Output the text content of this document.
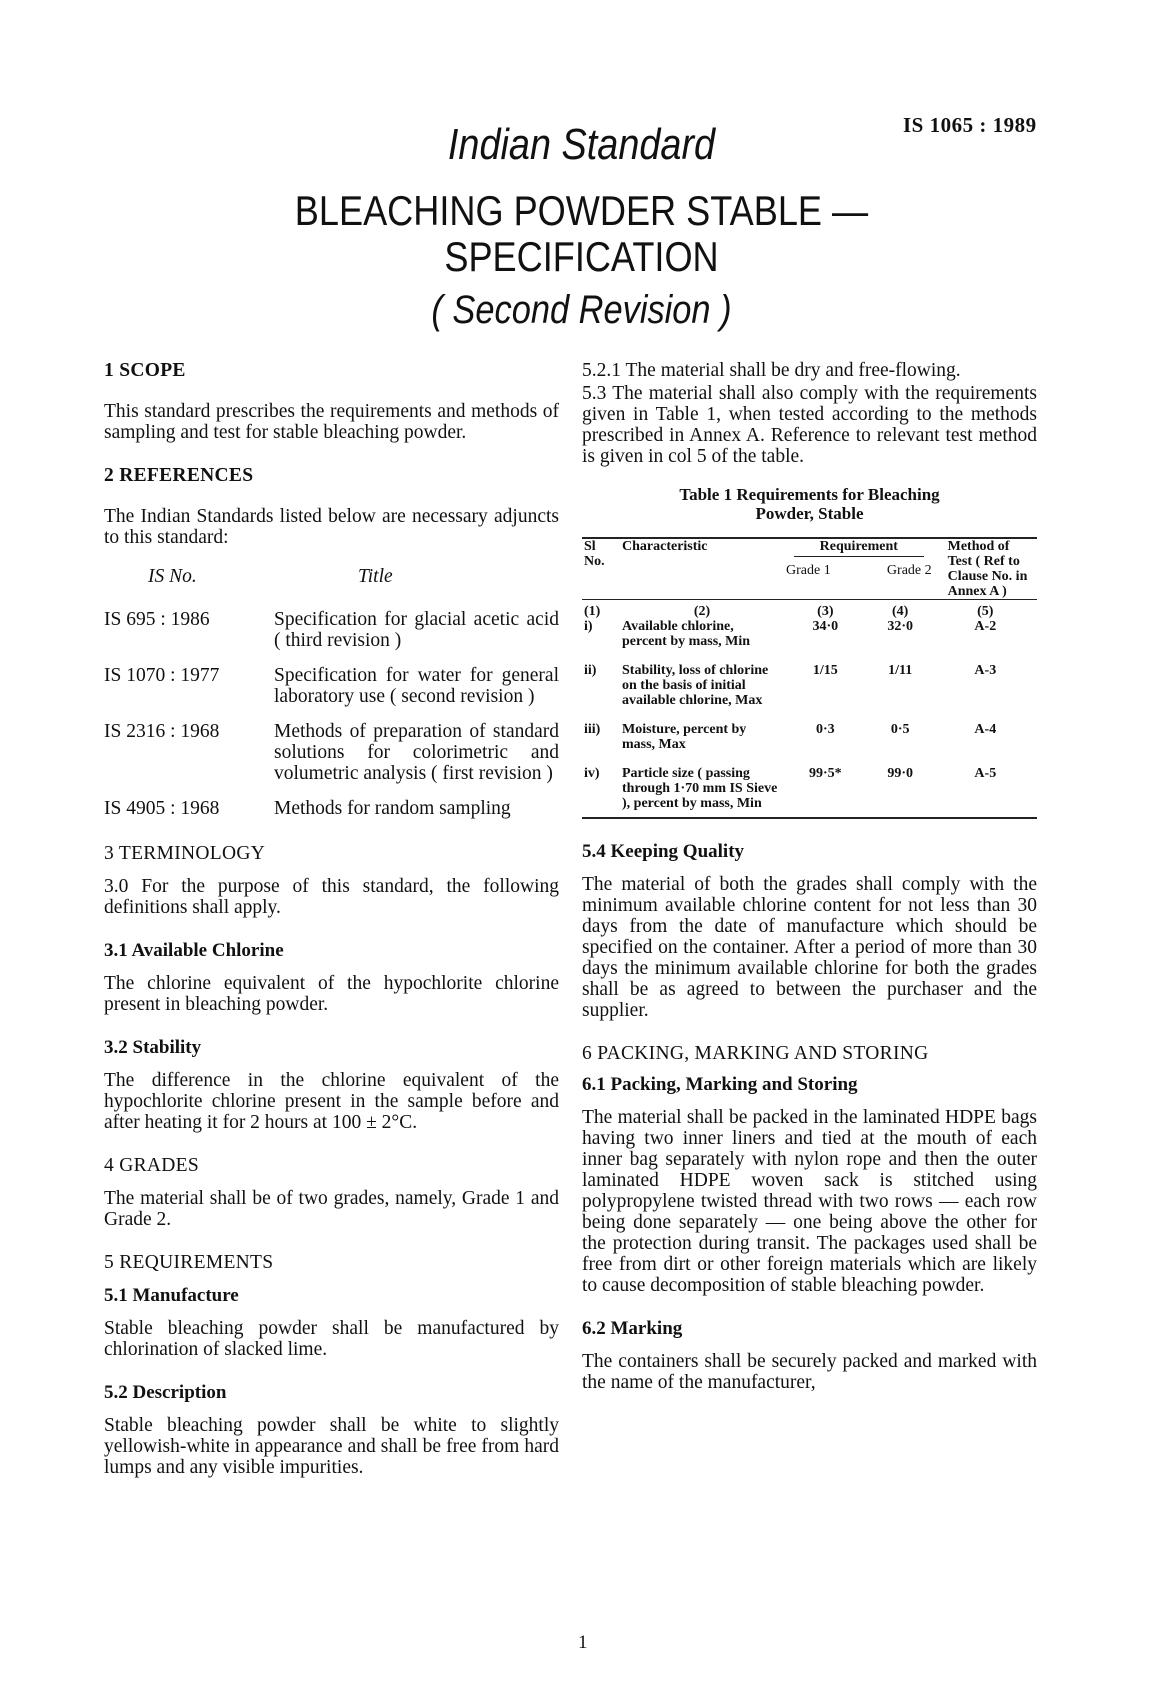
IS 1065 : 1989
Indian Standard
BLEACHING POWDER STABLE —
SPECIFICATION
( Second Revision )
1 SCOPE

This standard prescribes the requirements and methods of sampling and test for stable bleaching powder.

2 REFERENCES

The Indian Standards listed below are necessary adjuncts to this standard:

IS No.	Title
IS 695 : 1986	Specification for glacial acetic acid ( third revision )
IS 1070 : 1977	Specification for water for general laboratory use ( second revision )
IS 2316 : 1968	Methods of preparation of standard solutions for colorimetric and volumetric analysis ( first revision )
IS 4905 : 1968	Methods for random sampling
3 TERMINOLOGY

3.0 For the purpose of this standard, the following definitions shall apply.

3.1 Available Chlorine

The chlorine equivalent of the hypochlorite chlorine present in bleaching powder.

3.2 Stability

The difference in the chlorine equivalent of the hypochlorite chlorine present in the sample before and after heating it for 2 hours at 100 ± 2°C.

4 GRADES

The material shall be of two grades, namely, Grade 1 and Grade 2.

5 REQUIREMENTS
5.1 Manufacture

Stable bleaching powder shall be manufactured by chlorination of slacked lime.

5.2 Description

Stable bleaching powder shall be white to slightly yellowish-white in appearance and shall be free from hard lumps and any visible impurities.

5.2.1 The material shall be dry and free-flowing.

5.3 The material shall also comply with the requirements given in Table 1, when tested according to the methods prescribed in Annex A. Reference to relevant test method is given in col 5 of the table.

Table 1 Requirements for Bleaching
Powder, Stable

Sl No.	Characteristic	Requirement
Grade 1 Grade 2		Method of Test ( Ref to Clause No. in Annex A )

(1)	(2)	(3)	(4)	(5)
i)	Available chlorine, percent by mass, Min	34·0	32·0	A-2
ii)	Stability, loss of chlorine on the basis of initial available chlorine, Max	1/15	1/11	A-3
iii)	Moisture, percent by mass, Max	0·3	0·5	A-4
iv)	Particle size ( passing through 1·70 mm IS Sieve ), percent by mass, Min	99·5*	99·0	A-5

5.4 Keeping Quality

The material of both the grades shall comply with the minimum available chlorine content for not less than 30 days from the date of manufacture which should be specified on the container. After a period of more than 30 days the minimum available chlorine for both the grades shall be as agreed to between the purchaser and the supplier.

6 PACKING, MARKING AND STORING
6.1 Packing, Marking and Storing

The material shall be packed in the laminated HDPE bags having two inner liners and tied at the mouth of each inner bag separately with nylon rope and then the outer laminated HDPE woven sack is stitched using polypropylene twisted thread with two rows — each row being done separately — one being above the other for the protection during transit. The packages used shall be free from dirt or other foreign materials which are likely to cause decomposition of stable bleaching powder.

6.2 Marking

The containers shall be securely packed and marked with the name of the manufacturer,

1
